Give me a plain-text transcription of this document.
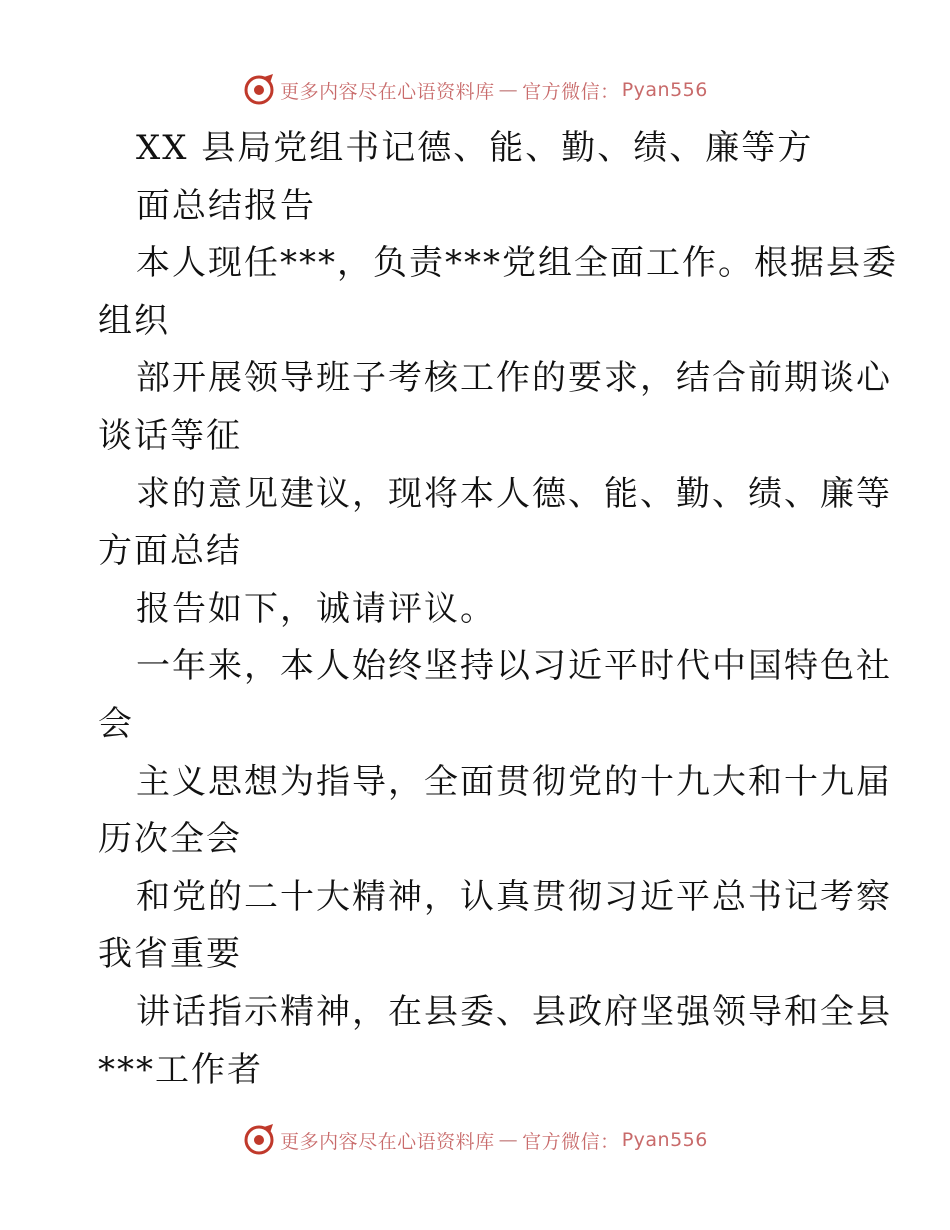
更多内容尽在心语资料库 — 官方微信： Pyan556
XX 县局党组书记德、能、勤、绩、廉等方
面总结报告
本人现任***，负责***党组全面工作。根据县委
组织
部开展领导班子考核工作的要求，结合前期谈心
谈话等征
求的意见建议，现将本人德、能、勤、绩、廉等
方面总结
报告如下，诚请评议。
一年来，本人始终坚持以习近平时代中国特色社
会
主义思想为指导，全面贯彻党的十九大和十九届
历次全会
和党的二十大精神，认真贯彻习近平总书记考察
我省重要
讲话指示精神，在县委、县政府坚强领导和全县
***工作者
更多内容尽在心语资料库 — 官方微信： Pyan556
